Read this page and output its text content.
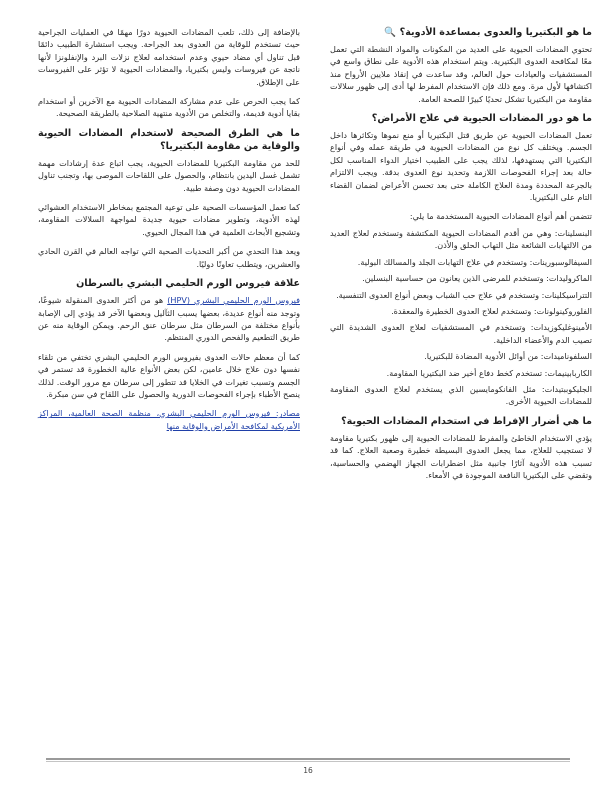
ما هو البكتيريا والعدوى بمساعدة الأدوية؟ 🔍
تحتوي المضادات الحيوية على العديد من المكونات والمواد النشطة التي تعمل معًا لمكافحة العدوى البكتيرية. ويتم استخدام هذه الأدوية على نطاق واسع في المستشفيات والعيادات حول العالم، وقد ساعدت في إنقاذ ملايين الأرواح منذ اكتشافها لأول مرة. ومع ذلك فإن الاستخدام المفرط لها أدى إلى ظهور سلالات مقاومة من البكتيريا تشكل تحديًا كبيرًا للصحة العامة.
ما هو دور المضادات الحيوية في علاج الأمراض؟
تعمل المضادات الحيوية عن طريق قتل البكتيريا أو منع نموها وتكاثرها داخل الجسم. ويختلف كل نوع من المضادات الحيوية في طريقة عمله وفي أنواع البكتيريا التي يستهدفها، لذلك يجب على الطبيب اختيار الدواء المناسب لكل حالة بعد إجراء الفحوصات اللازمة وتحديد نوع العدوى بدقة. ويجب الالتزام بالجرعة المحددة ومدة العلاج الكاملة حتى بعد تحسن الأعراض لضمان القضاء التام على البكتيريا.
تتضمن أهم أنواع المضادات الحيوية المستخدمة ما يلي:
البنسلينات: وهي من أقدم المضادات الحيوية المكتشفة وتستخدم لعلاج العديد من الالتهابات الشائعة مثل التهاب الحلق والأذن.
السيفالوسبورينات: وتستخدم في علاج التهابات الجلد والمسالك البولية.
الماكروليدات: وتستخدم للمرضى الذين يعانون من حساسية البنسلين.
التتراسيكلينات: وتستخدم في علاج حب الشباب وبعض أنواع العدوى التنفسية.
الفلوروكينولونات: وتستخدم لعلاج العدوى الخطيرة والمعقدة.
الأمينوغليكوزيدات: وتستخدم في المستشفيات لعلاج العدوى الشديدة التي تصيب الدم والأعضاء الداخلية.
السلفوناميدات: من أوائل الأدوية المضادة للبكتيريا.
الكاربابينيمات: تستخدم كخط دفاع أخير ضد البكتيريا المقاومة.
الجليكوببتيدات: مثل الفانكومايسين الذي يستخدم لعلاج العدوى المقاومة للمضادات الحيوية الأخرى.
ما هي أضرار الإفراط في استخدام المضادات الحيوية؟
يؤدي الاستخدام الخاطئ والمفرط للمضادات الحيوية إلى ظهور بكتيريا مقاومة لا تستجيب للعلاج، مما يجعل العدوى البسيطة خطيرة وصعبة العلاج. كما قد تسبب هذه الأدوية آثارًا جانبية مثل اضطرابات الجهاز الهضمي والحساسية، وتقضي على البكتيريا النافعة الموجودة في الأمعاء.
بالإضافة إلى ذلك، تلعب المضادات الحيوية دورًا مهمًا في العمليات الجراحية حيث تستخدم للوقاية من العدوى بعد الجراحة. ويجب استشارة الطبيب دائمًا قبل تناول أي مضاد حيوي وعدم استخدامه لعلاج نزلات البرد والإنفلونزا لأنها ناتجة عن فيروسات وليس بكتيريا، والمضادات الحيوية لا تؤثر على الفيروسات على الإطلاق.
كما يجب الحرص على عدم مشاركة المضادات الحيوية مع الآخرين أو استخدام بقايا أدوية قديمة، والتخلص من الأدوية منتهية الصلاحية بالطريقة الصحيحة.
ما هي الطرق الصحيحة لاستخدام المضادات الحيوية والوقاية من مقاومة البكتيريا؟
للحد من مقاومة البكتيريا للمضادات الحيوية، يجب اتباع عدة إرشادات مهمة تشمل غسل اليدين بانتظام، والحصول على اللقاحات الموصى بها، وتجنب تناول المضادات الحيوية دون وصفة طبية.
كما تعمل المؤسسات الصحية على توعية المجتمع بمخاطر الاستخدام العشوائي لهذه الأدوية، وتطوير مضادات حيوية جديدة لمواجهة السلالات المقاومة، وتشجيع الأبحاث العلمية في هذا المجال الحيوي.
ويعد هذا التحدي من أكبر التحديات الصحية التي تواجه العالم في القرن الحادي والعشرين، ويتطلب تعاونًا دوليًا.
علاقة فيروس الورم الحليمي البشري بالسرطان
فيروس الورم الحليمي البشري (HPV) هو من أكثر العدوى المنقولة شيوعًا، وتوجد منه أنواع عديدة، بعضها يسبب الثآليل وبعضها الآخر قد يؤدي إلى الإصابة بأنواع مختلفة من السرطان مثل سرطان عنق الرحم. ويمكن الوقاية منه عن طريق التطعيم والفحص الدوري المنتظم.
كما أن معظم حالات العدوى بفيروس الورم الحليمي البشري تختفي من تلقاء نفسها دون علاج خلال عامين، لكن بعض الأنواع عالية الخطورة قد تستمر في الجسم وتسبب تغيرات في الخلايا قد تتطور إلى سرطان مع مرور الوقت. لذلك ينصح الأطباء بإجراء الفحوصات الدورية والحصول على اللقاح في سن مبكرة.
مصادر: فيروس الورم الحليمي البشري، منظمة الصحة العالمية، المراكز الأمريكية لمكافحة الأمراض والوقاية منها
16
